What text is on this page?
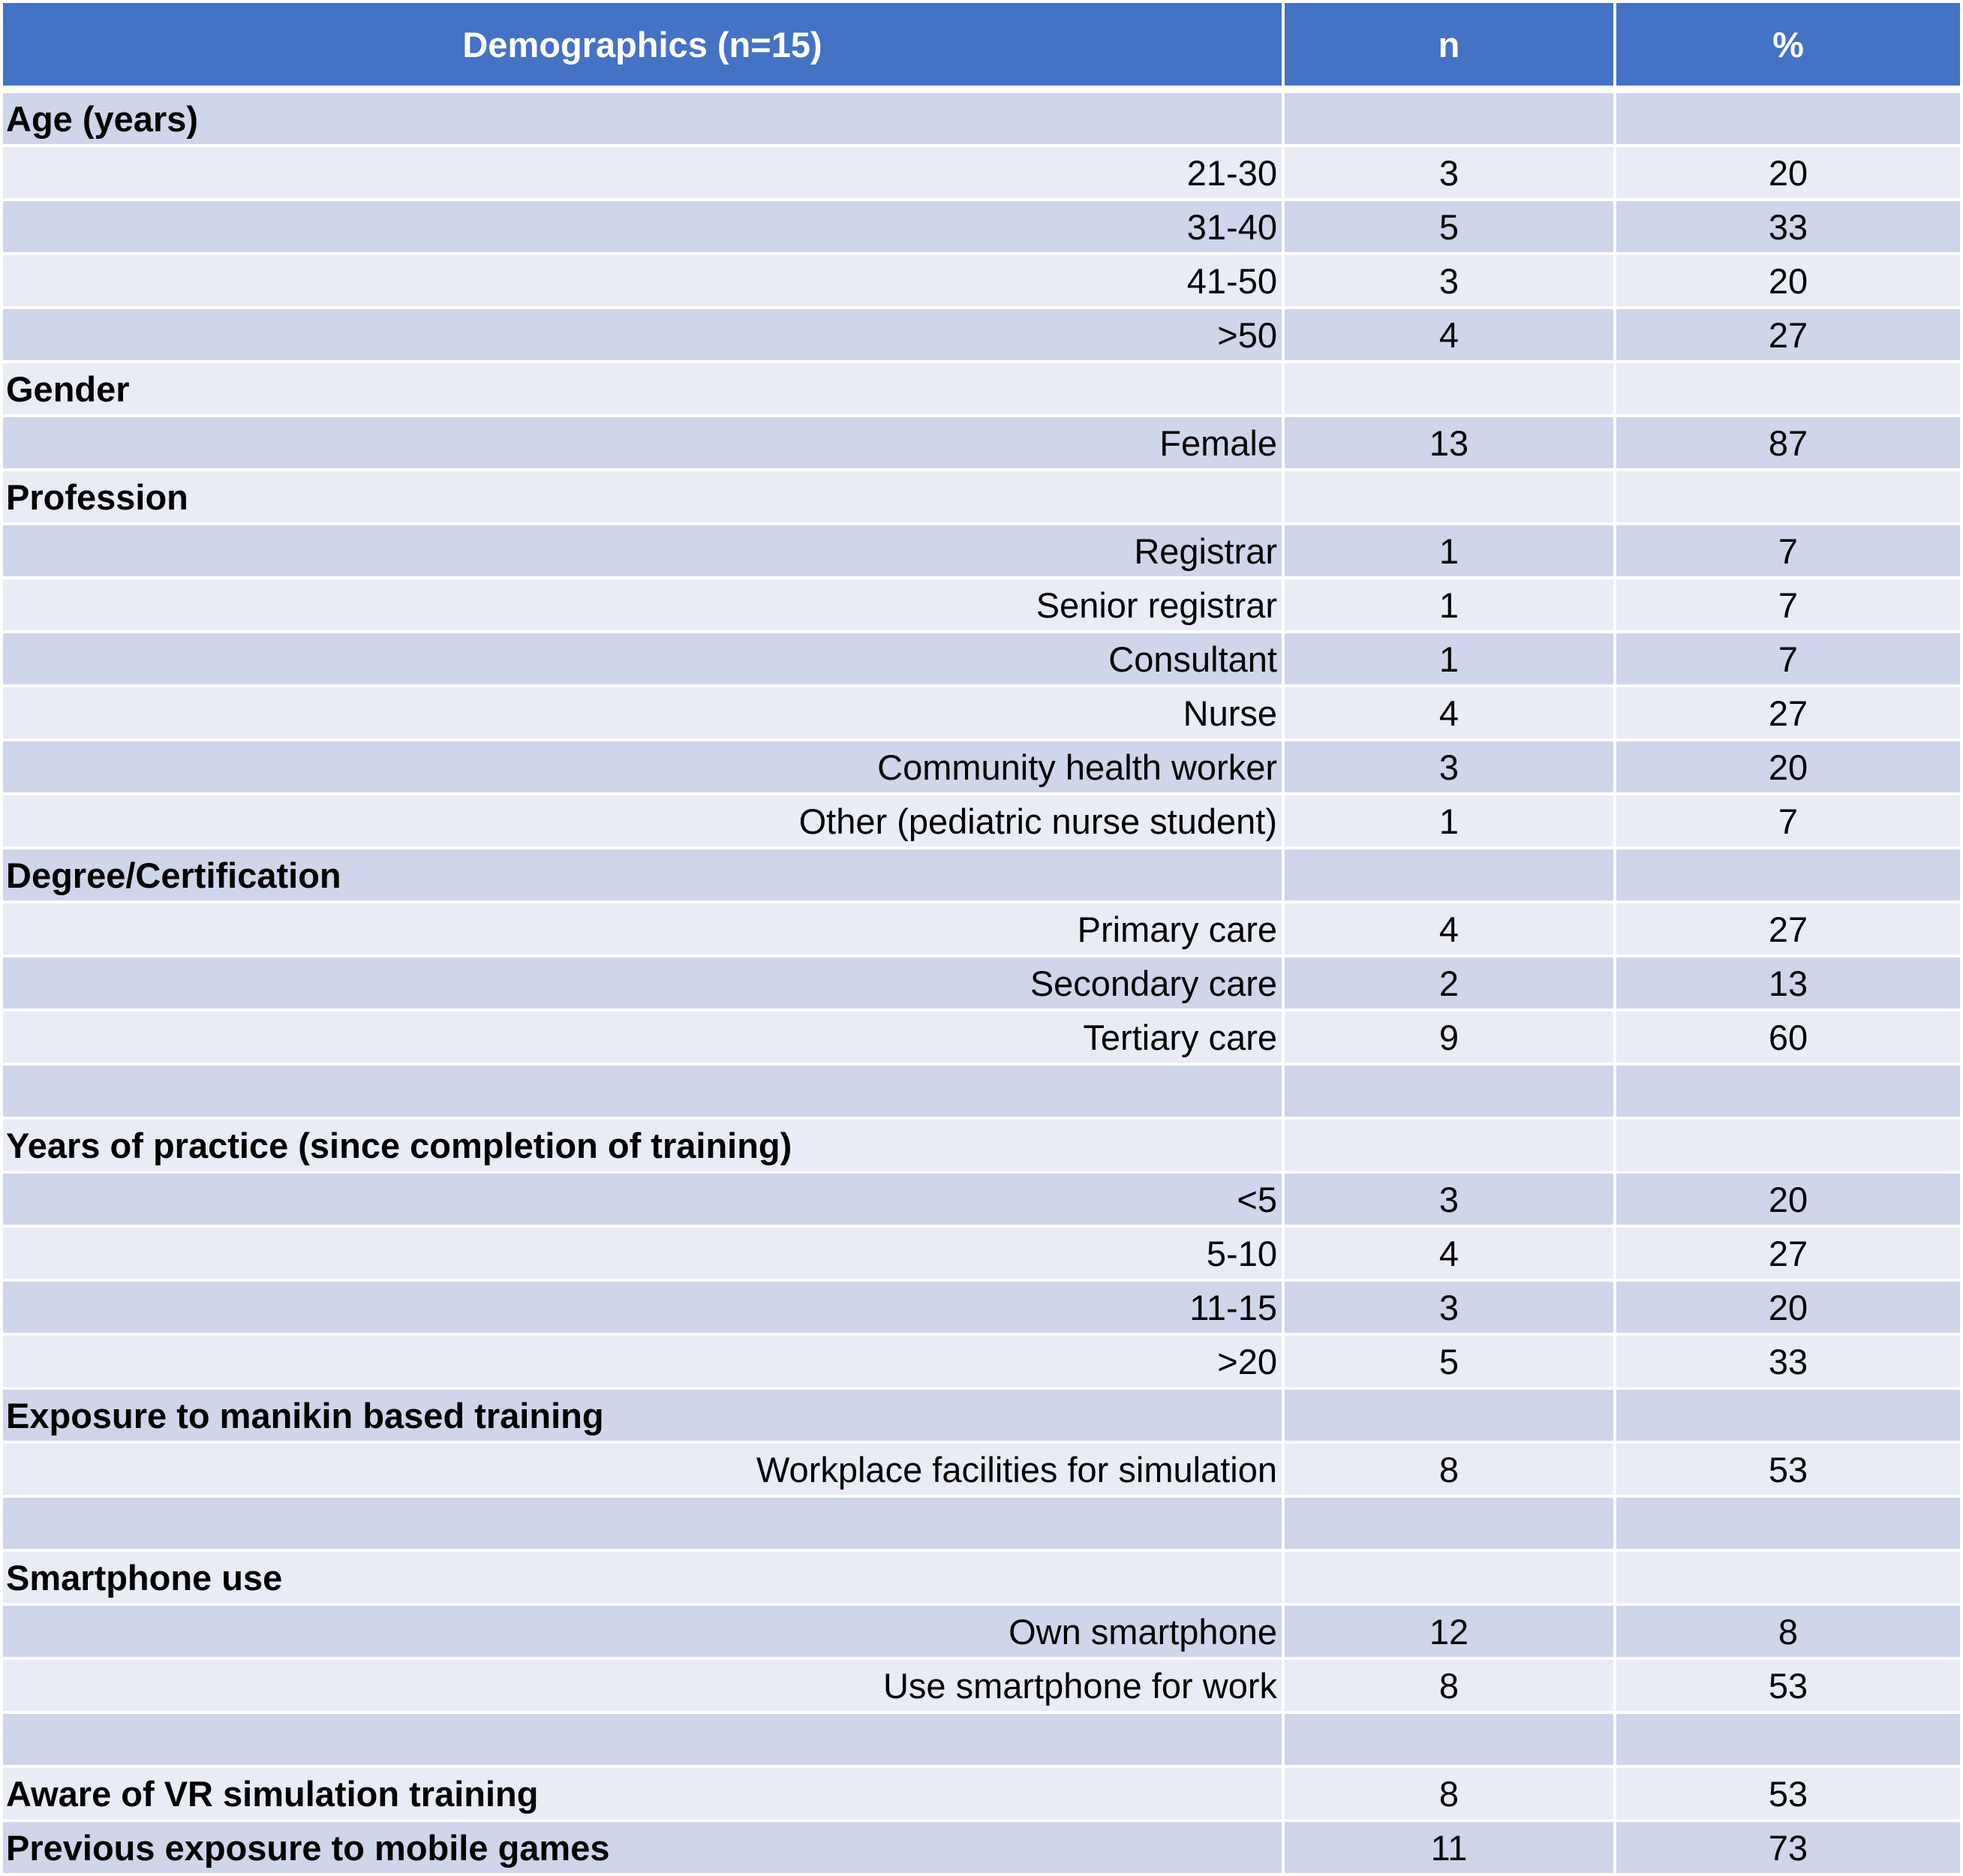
Demographics (n=15)	n	%
Age (years)
21-30	3	20
31-40	5	33
41-50	3	20
>50	4	27
Gender
Female	13	87
Profession
Registrar	1	7
Senior registrar	1	7
Consultant	1	7
Nurse	4	27
Community health worker	3	20
Other (pediatric nurse student)	1	7
Degree/Certification
Primary care	4	27
Secondary care	2	13
Tertiary care	9	60
Years of practice (since completion of training)
<5	3	20
5-10	4	27
11-15	3	20
>20	5	33
Exposure to manikin based training
Workplace facilities for simulation	8	53
Smartphone use
Own smartphone	12	8
Use smartphone for work	8	53
Aware of VR simulation training	8	53
Previous exposure to mobile games	11	73
